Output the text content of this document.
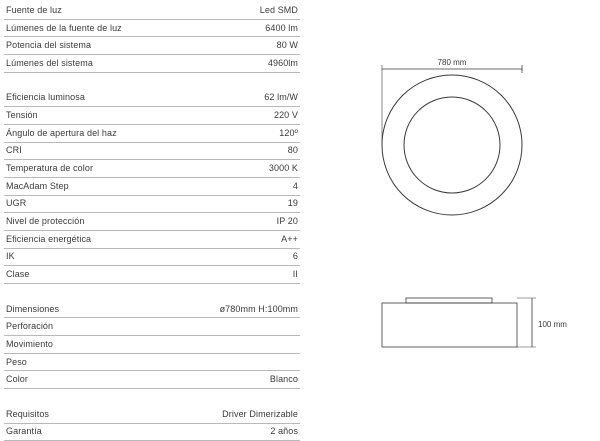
Fuente de luz	Led SMD
Lúmenes de la fuente de luz	6400 lm
Potencia del sistema	80 W
Lúmenes del sistema	4960lm
Eficiencia luminosa	62 lm/W
Tensión	220 V
Ángulo de apertura del haz	120º
CRI	80
Temperatura de color	3000 K
MacAdam Step	4
UGR	19
Nivel de protección	IP 20
Eficiencia energética	A++
IK	6
Clase	II
Dimensiones	ø780mm H:100mm
Perforación
Movimiento
Peso
Color	Blanco
Requisitos	Driver Dimerizable
Garantía	2 años
780 mm
100 mm
